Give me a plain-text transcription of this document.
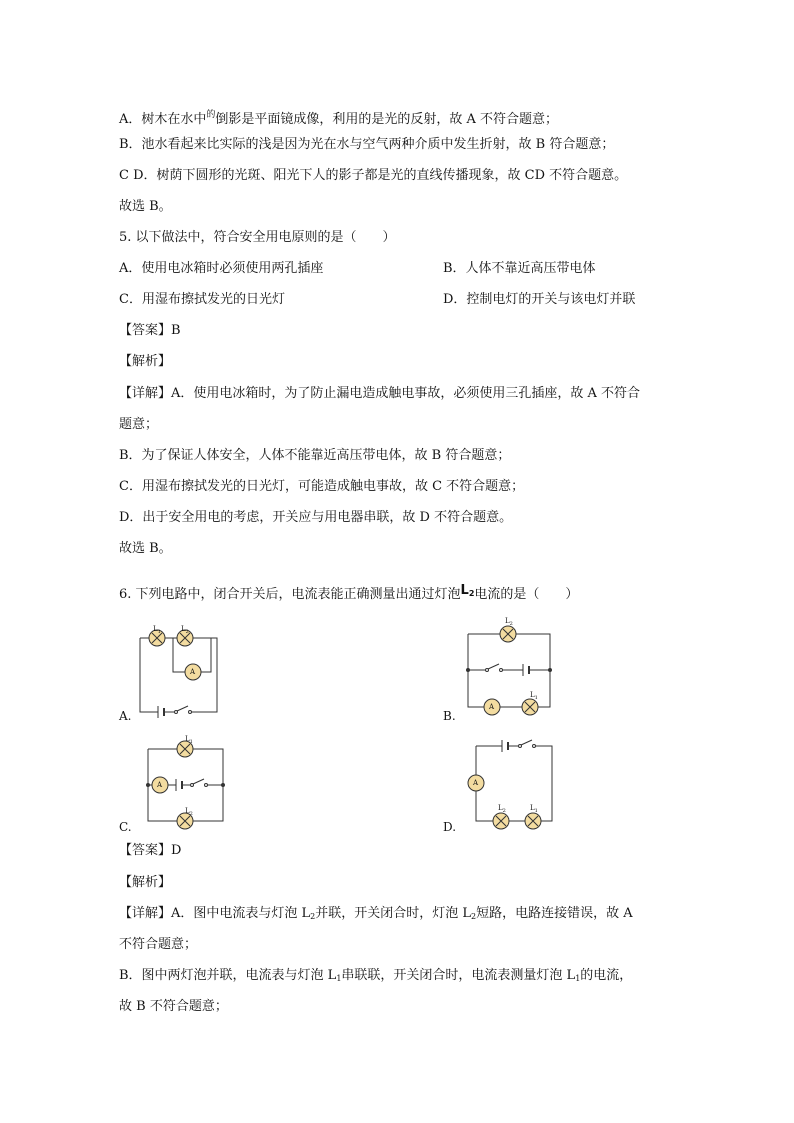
A．树木在水中$^的$倒影是平面镜成像，利用的是光的反射，故 A 不符合题意；
B．池水看起来比实际的浅是因为光在水与空气两种介质中发生折射，故 B 符合题意；
C D．树荫下圆形的光斑、阳光下人的影子都是光的直线传播现象，故 CD 不符合题意。
故选 B。
5. 以下做法中，符合安全用电原则的是（　　）
A．使用电冰箱时必须使用两孔插座	B．人体不靠近高压带电体
C．用湿布擦拭发光的日光灯	D．控制电灯的开关与该电灯并联
【答案】B
【解析】
【详解】A．使用电冰箱时，为了防止漏电造成触电事故，必须使用三孔插座，故 A 不符合
题意；
B．为了保证人体安全，人体不能靠近高压带电体，故 B 符合题意；
C．用湿布擦拭发光的日光灯，可能造成触电事故，故 C 不符合题意；
D．出于安全用电的考虑，开关应与用电器串联，故 D 不符合题意。
故选 B。
6. 下列电路中，闭合开关后，电流表能正确测量出通过灯泡L2电流的是（　　）
$L_1$	$L_2$
A
A.
$L_2$
A
$L_1$
B.
$L_1$
A
$L_2$
C.
A
$L_2$	$L_1$
D.
【答案】D
【解析】
【详解】A．图中电流表与灯泡 $L_2$并联，开关闭合时，灯泡 $L_2$短路，电路连接错误，故 A
不符合题意；
B．图中两灯泡并联，电流表与灯泡 $L_1$串联联，开关闭合时，电流表测量灯泡 $L_1$的电流，
故 B 不符合题意；
